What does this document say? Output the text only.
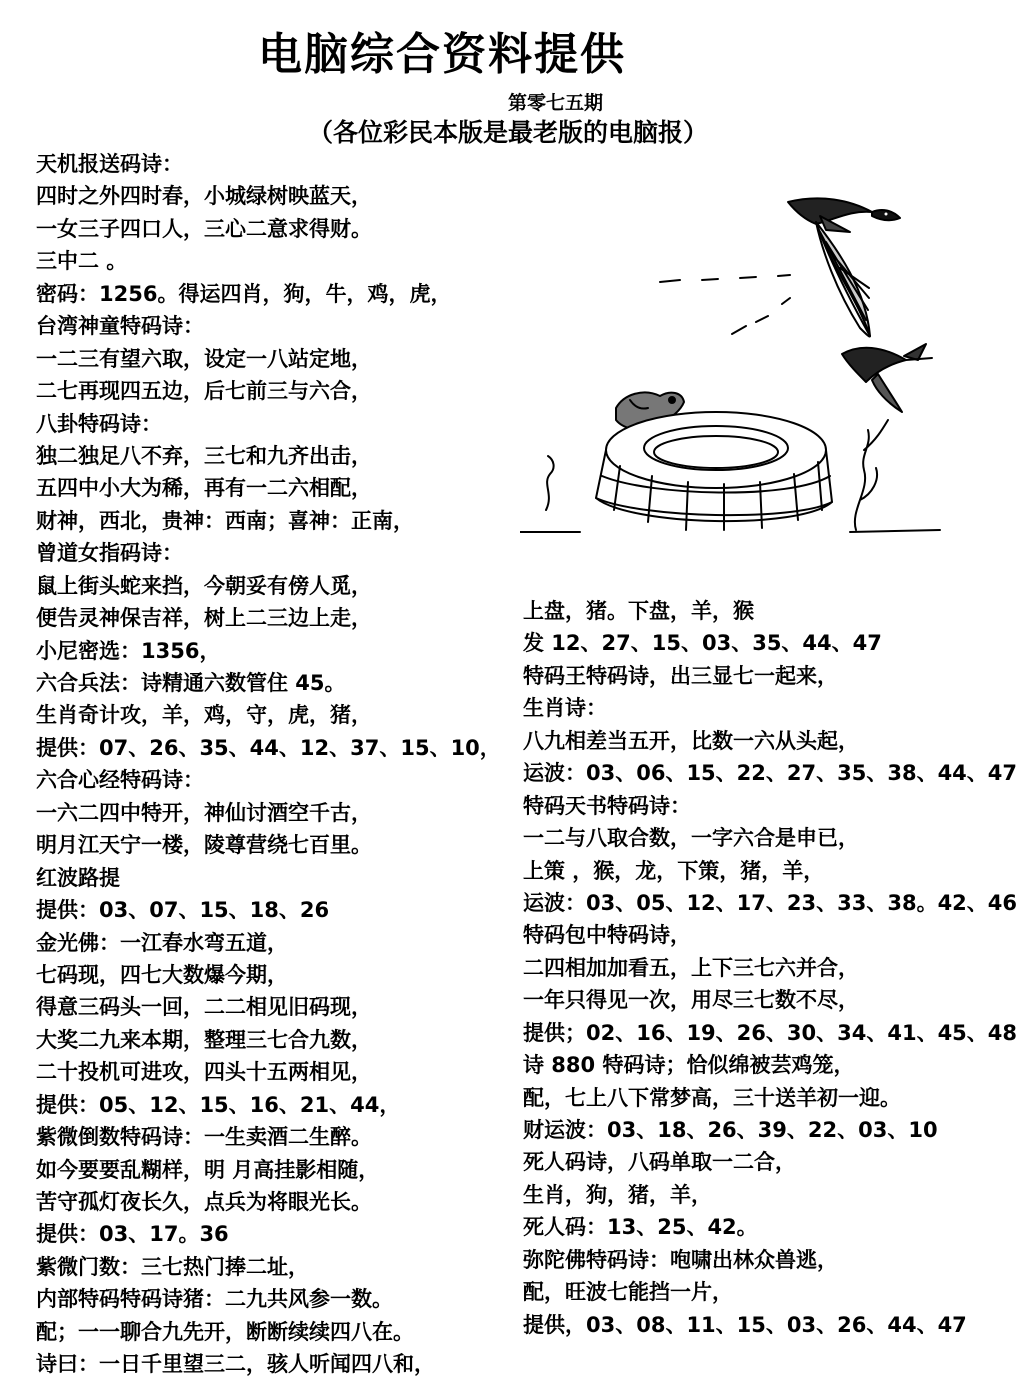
电脑综合资料提供
第零七五期
（各位彩民本版是最老版的电脑报）
天机报送码诗：
四时之外四时春，小城绿树映蓝天，
一女三子四口人，三心二意求得财。
三中二 。
密码：1256。得运四肖，狗，牛，鸡，虎，
台湾神童特码诗：
一二三有望六取，设定一八站定地，
二七再现四五边，后七前三与六合，
八卦特码诗：
独二独足八不弃，三七和九齐出击，
五四中小大为稀，再有一二六相配，
财神，西北，贵神：西南；喜神：正南，
曾道女指码诗：
鼠上街头蛇来挡，今朝妥有傍人觅，
便告灵神保吉祥，树上二三边上走，
小尼密选：1356，
六合兵法：诗精通六数管住 45。
生肖奇计攻，羊，鸡，守，虎，猪，
提供：07、26、35、44、12、37、15、10，
六合心经特码诗：
一六二四中特开，神仙讨酒空千古，
明月江天宁一楼，陵尊营绕七百里。
红波路提
提供：03、07、15、18、26
金光佛：一江春水弯五道，
七码现，四七大数爆今期，
得意三码头一回，二二相见旧码现，
大奖二九来本期，整理三七合九数，
二十投机可进攻，四头十五两相见，
提供：05、12、15、16、21、44，
紫微倒数特码诗：一生卖酒二生醉。
如今要要乱糊样，明 月高挂影相随，
苦守孤灯夜长久，点兵为将眼光长。
提供：03、17。36
紫微门数：三七热门捧二址，
内部特码特码诗猪：二九共风参一数。
配；一一聊合九先开，断断续续四八在。
诗曰：一日千里望三二，骇人听闻四八和，
上盘，猪。下盘，羊，猴
发 12、27、15、03、35、44、47
特码王特码诗，出三显七一起来，
生肖诗：
八九相差当五开，比数一六从头起，
运波：03、06、15、22、27、35、38、44、47
特码天书特码诗：
一二与八取合数，一字六合是申已，
上策 ，猴，龙，下策，猪，羊，
运波：03、05、12、17、23、33、38。42、46
特码包中特码诗，
二四相加加看五，上下三七六并合，
一年只得见一次，用尽三七数不尽，
提供；02、16、19、26、30、34、41、45、48
诗 880 特码诗；恰似绵被芸鸡笼，
配，七上八下常梦高，三十送羊初一迎。
财运波：03、18、26、39、22、03、10
死人码诗，八码单取一二合，
生肖，狗，猪，羊，
死人码：13、25、42。
弥陀佛特码诗：咆啸出林众兽逃，
配，旺波七能挡一片，
提供，03、08、11、15、03、26、44、47
